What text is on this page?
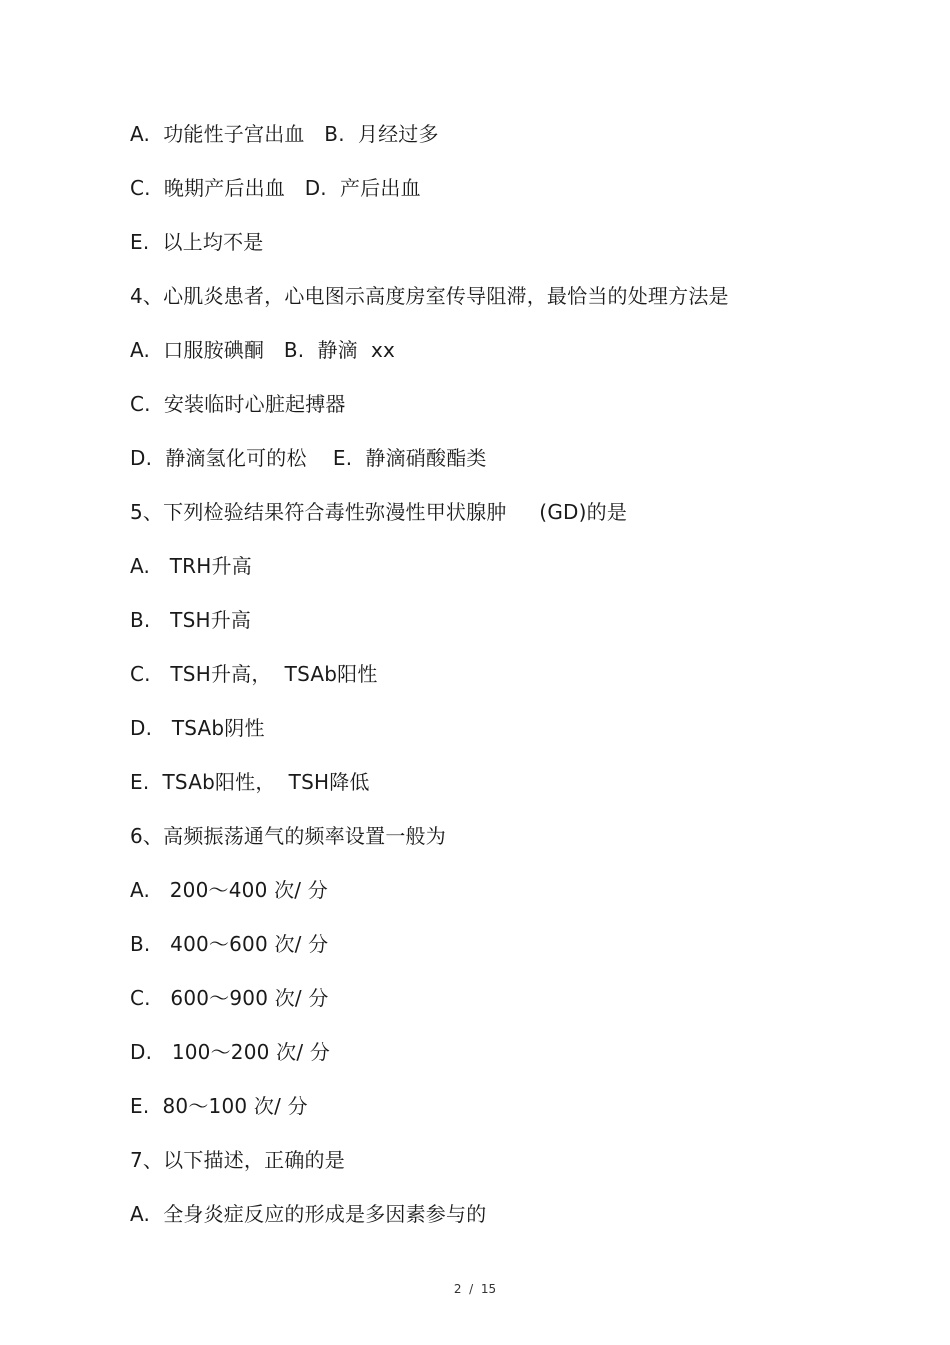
A.  功能性子宫出血   B.  月经过多
C.  晚期产后出血   D.  产后出血
E.  以上均不是
4、心肌炎患者，心电图示高度房室传导阻滞，最恰当的处理方法是
A.  口服胺碘酮   B.  静滴  xx
C.  安装临时心脏起搏器
D.  静滴氢化可的松    E.  静滴硝酸酯类
5、下列检验结果符合毒性弥漫性甲状腺肿     (GD)的是
A.   TRH升高
B.   TSH升高
C.   TSH升高，  TSAb阳性
D.   TSAb阴性
E.  TSAb阳性，  TSH降低
6、高频振荡通气的频率设置一般为
A.   200～400 次/ 分
B.   400～600 次/ 分
C.   600～900 次/ 分
D.   100～200 次/ 分
E.  80～100 次/ 分
7、以下描述，正确的是
A.  全身炎症反应的形成是多因素参与的
2  /  15
